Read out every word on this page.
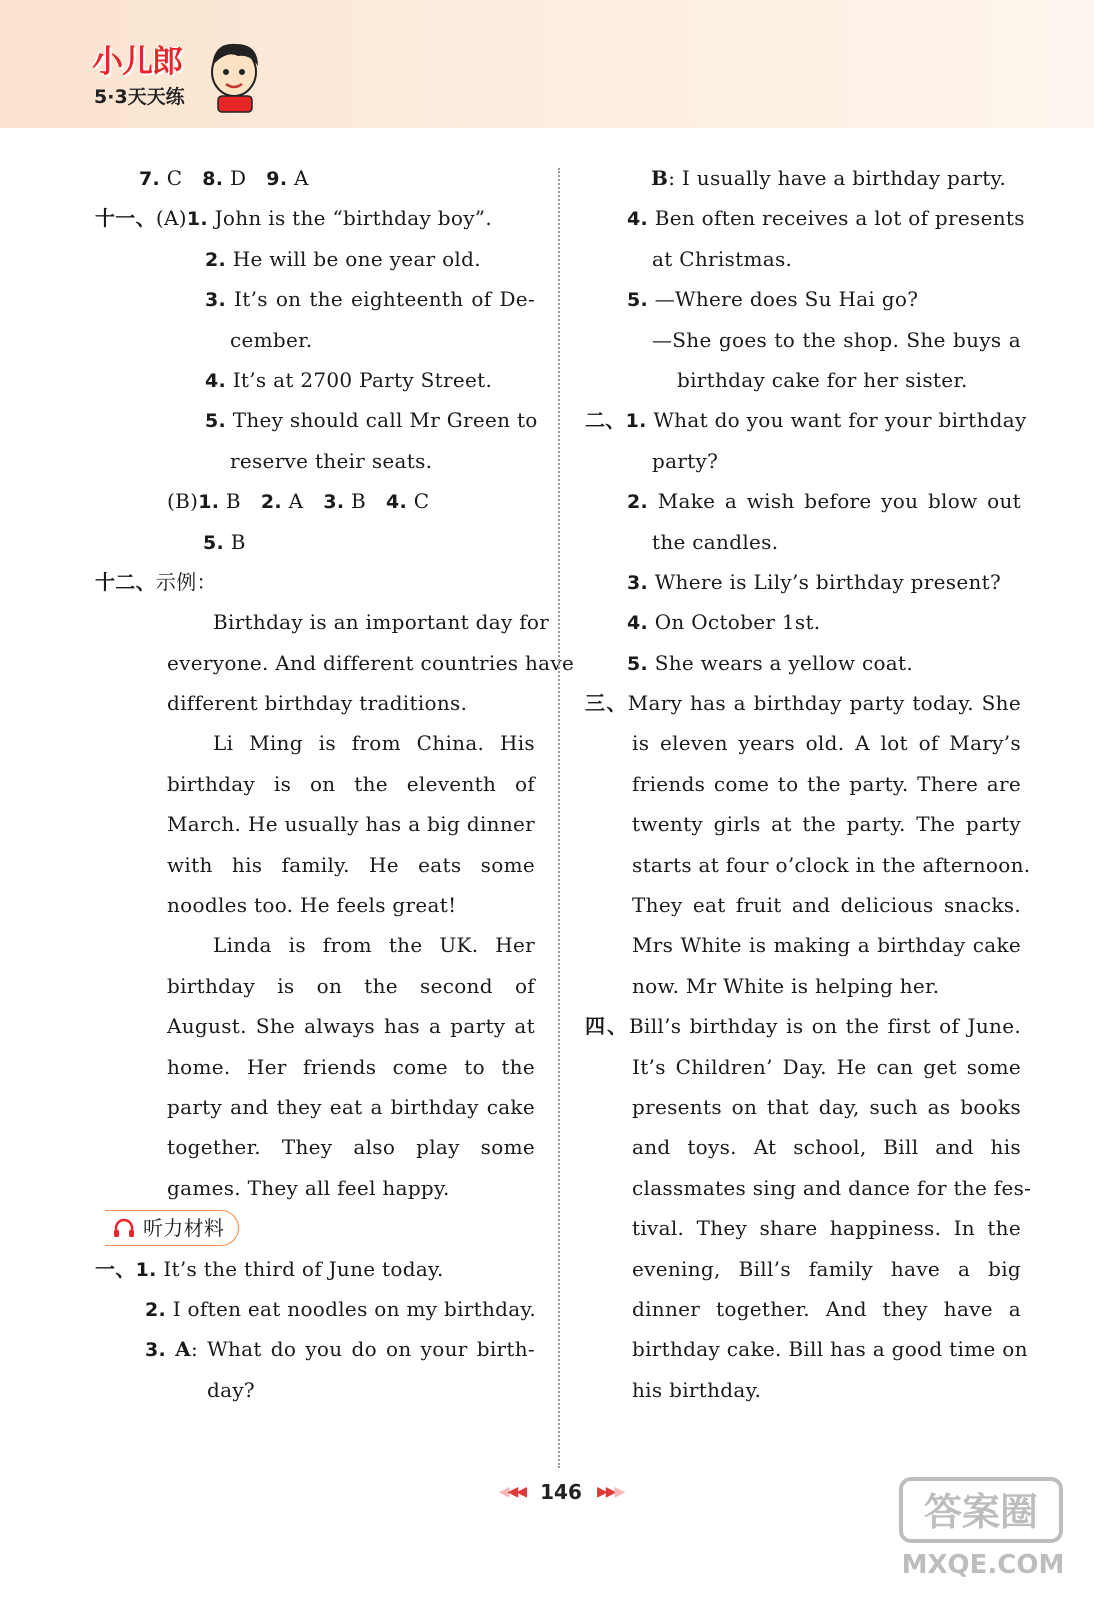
小儿郎
5·3天天练
7. C   8. D   9. A
十一、(A)1. John is the “birthday boy”.
2. He will be one year old.
3. It’s on the eighteenth of De-
cember.
4. It’s at 2700 Party Street.
5. They should call Mr Green to
reserve their seats.
(B)1. B   2. A   3. B   4. C
5. B
十二、示例：
Birthday is an important day for
everyone. And different countries have
different birthday traditions.
Li Ming is from China. His
birthday is on the eleventh of
March. He usually has a big dinner
with his family. He eats some
noodles too. He feels great!
Linda is from the UK. Her
birthday is on the second of
August. She always has a party at
home. Her friends come to the
party and they eat a birthday cake
together. They also play some
games. They all feel happy.
听力材料
一、1. It’s the third of June today.
2. I often eat noodles on my birthday.
3. A: What do you do on your birth-
day?
B: I usually have a birthday party.
4. Ben often receives a lot of presents
at Christmas.
5. —Where does Su Hai go?
—She goes to the shop. She buys a
birthday cake for her sister.
二、1. What do you want for your birthday
party?
2. Make a wish before you blow out
the candles.
3. Where is Lily’s birthday present?
4. On October 1st.
5. She wears a yellow coat.
三、Mary has a birthday party today. She
is eleven years old. A lot of Mary’s
friends come to the party. There are
twenty girls at the party. The party
starts at four o’clock in the afternoon.
They eat fruit and delicious snacks.
Mrs White is making a birthday cake
now. Mr White is helping her.
四、Bill’s birthday is on the first of June.
It’s Children’ Day. He can get some
presents on that day, such as books
and toys. At school, Bill and his
classmates sing and dance for the fes-
tival. They share happiness. In the
evening, Bill’s family have a big
dinner together. And they have a
birthday cake. Bill has a good time on
his birthday.
◀◀◀ 146 ▶▶▶	答案圈
MXQE.COM
